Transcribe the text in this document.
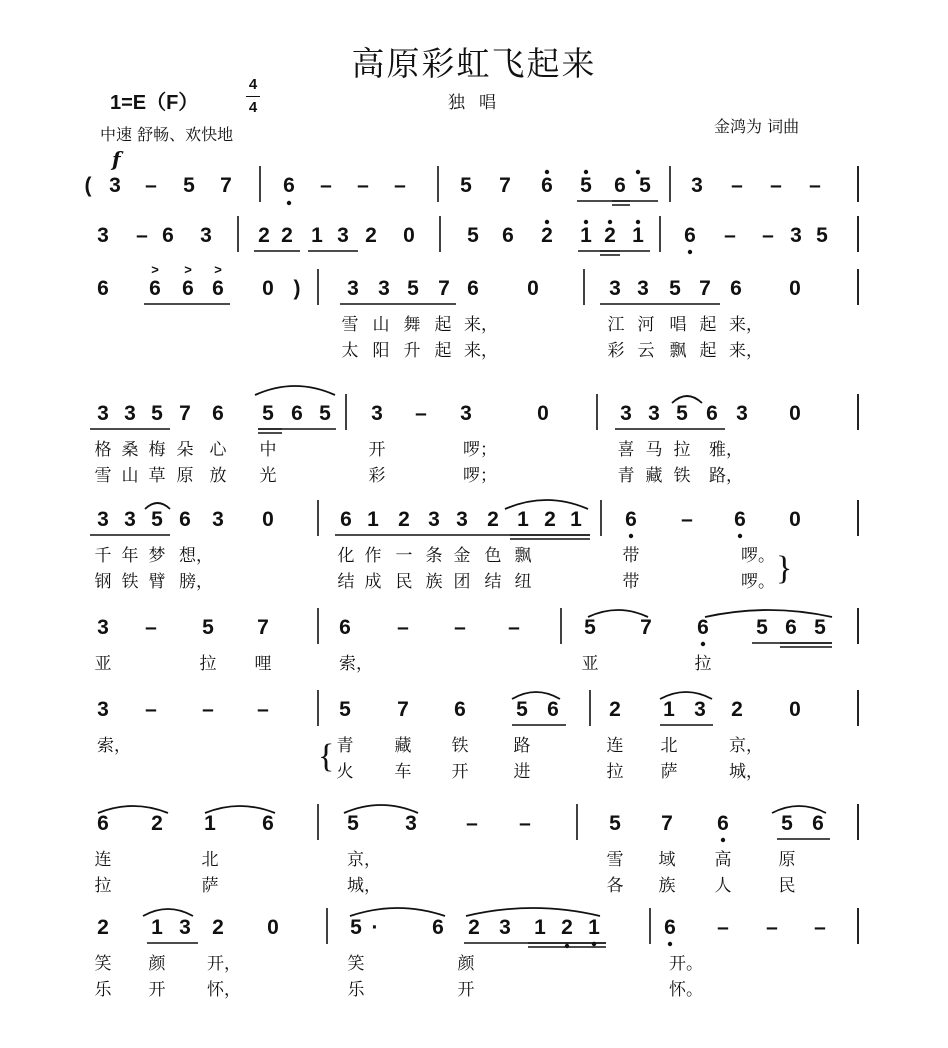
高原彩虹飞起来
1=E（F）
4
4	独唱
中速 舒畅、欢快地	金鸿为 词曲
f
( 3 – 5 7 6 – – –	5 7 6 5 6 5 3 – – –
3 – 6 3 2 2 1 3 2 0 5 6 2 1 2 1 6 – – 3 5
6 6 6 6 0 )	3 3 5 7 6 0	3 3 5 7 6 0
雪 山 舞 起 来，	江 河 唱 起 来，
太 阳 升 起 来，	彩 云 飘 起 来，
3 3 5 7 6 5 6 5 3 – 3	0	3 3 5 6 3 0
格 桑 梅 朵 心	中	开	啰；	喜 马 拉	雅，
雪 山 草 原 放	光	彩	啰；	青 藏 铁	路，
3 3 5 6 3 0	6 1 2 3 3 2 1 2 1 6 – 6 0
千 年 梦 想，	化 作 一 条 金 色 飘	带	啰。
钢 铁 臂 膀，	结 成 民 族 团 结 纽	带	啰。
3 – 5 7	6 – – –	5 7 6 5 6 5
亚	拉	哩	索，	亚	拉
3 – – –	5 7 6 5 6 2 1 3 2 0
索，	青	藏	铁	路	连	北	京，
火	车	开	进	拉	萨	城，
6 2 1 6	5 3 – –	5 7 6 5 6
连	北	京，	雪	域	高	原
拉	萨	城，	各	族	人	民
2 1 3 2 0	5 ·	6 2 3 1 2 1	6 – – –
笑	颜	开，	笑	颜	开。
乐	开	怀，	乐	开	怀。
>	>	>
}
{
